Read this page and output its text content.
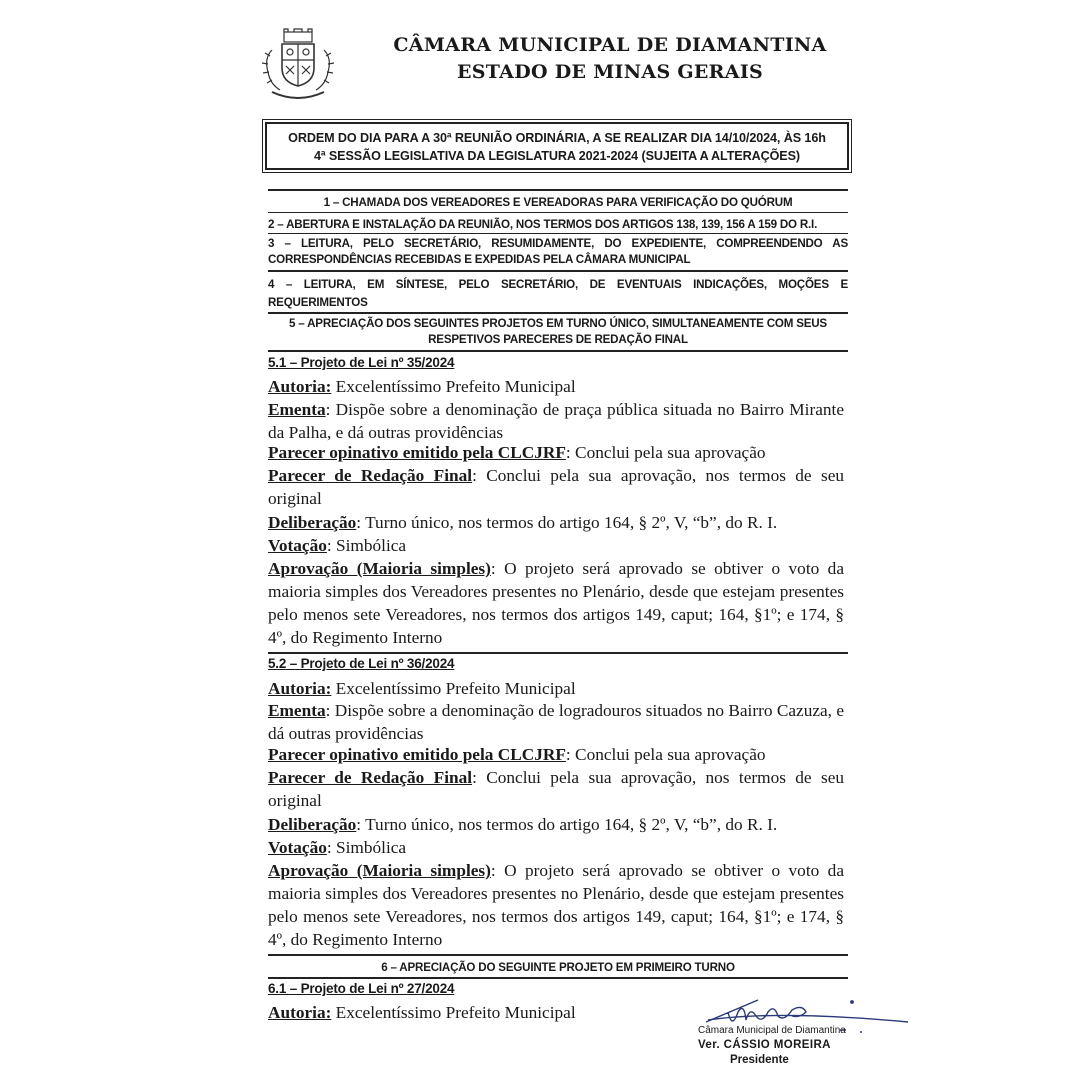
CÂMARA MUNICIPAL DE DIAMANTINA
ESTADO DE MINAS GERAIS
ORDEM DO DIA PARA A 30ª REUNIÃO ORDINÁRIA, A SE REALIZAR DIA 14/10/2024, ÀS 16h
4ª SESSÃO LEGISLATIVA DA LEGISLATURA 2021-2024 (SUJEITA A ALTERAÇÕES)
1 – CHAMADA DOS VEREADORES E VEREADORAS PARA VERIFICAÇÃO DO QUÓRUM
2 – ABERTURA E INSTALAÇÃO DA REUNIÃO, NOS TERMOS DOS ARTIGOS 138, 139, 156 A 159 DO R.I.
3 – LEITURA, PELO SECRETÁRIO, RESUMIDAMENTE, DO EXPEDIENTE, COMPREENDENDO AS
CORRESPONDÊNCIAS RECEBIDAS E EXPEDIDAS PELA CÂMARA MUNICIPAL
4 – LEITURA, EM SÍNTESE, PELO SECRETÁRIO, DE EVENTUAIS INDICAÇÕES, MOÇÕES E
REQUERIMENTOS
5 – APRECIAÇÃO DOS SEGUINTES PROJETOS EM TURNO ÚNICO, SIMULTANEAMENTE COM SEUS
RESPETIVOS PARECERES DE REDAÇÃO FINAL
5.1 – Projeto de Lei nº 35/2024
Autoria: Excelentíssimo Prefeito Municipal
Ementa: Dispõe sobre a denominação de praça pública situada no Bairro Mirante da Palha, e dá outras providências
Parecer opinativo emitido pela CLCJRF: Conclui pela sua aprovação
Parecer de Redação Final: Conclui pela sua aprovação, nos termos de seu original
Deliberação: Turno único, nos termos do artigo 164, § 2º, V, “b”, do R. I.
Votação: Simbólica
Aprovação (Maioria simples): O projeto será aprovado se obtiver o voto da maioria simples dos Vereadores presentes no Plenário, desde que estejam presentes pelo menos sete Vereadores, nos termos dos artigos 149, caput; 164, §1º; e 174, § 4º, do Regimento Interno
5.2 – Projeto de Lei nº 36/2024
Autoria: Excelentíssimo Prefeito Municipal
Ementa: Dispõe sobre a denominação de logradouros situados no Bairro Cazuza, e dá outras providências
Parecer opinativo emitido pela CLCJRF: Conclui pela sua aprovação
Parecer de Redação Final: Conclui pela sua aprovação, nos termos de seu original
Deliberação: Turno único, nos termos do artigo 164, § 2º, V, “b”, do R. I.
Votação: Simbólica
Aprovação (Maioria simples): O projeto será aprovado se obtiver o voto da maioria simples dos Vereadores presentes no Plenário, desde que estejam presentes pelo menos sete Vereadores, nos termos dos artigos 149, caput; 164, §1º; e 174, § 4º, do Regimento Interno
6 – APRECIAÇÃO DO SEGUINTE PROJETO EM PRIMEIRO TURNO
6.1 – Projeto de Lei nº 27/2024
Autoria: Excelentíssimo Prefeito Municipal
Câmara Municipal de Diamantina
Ver. CÁSSIO MOREIRA
Presidente
